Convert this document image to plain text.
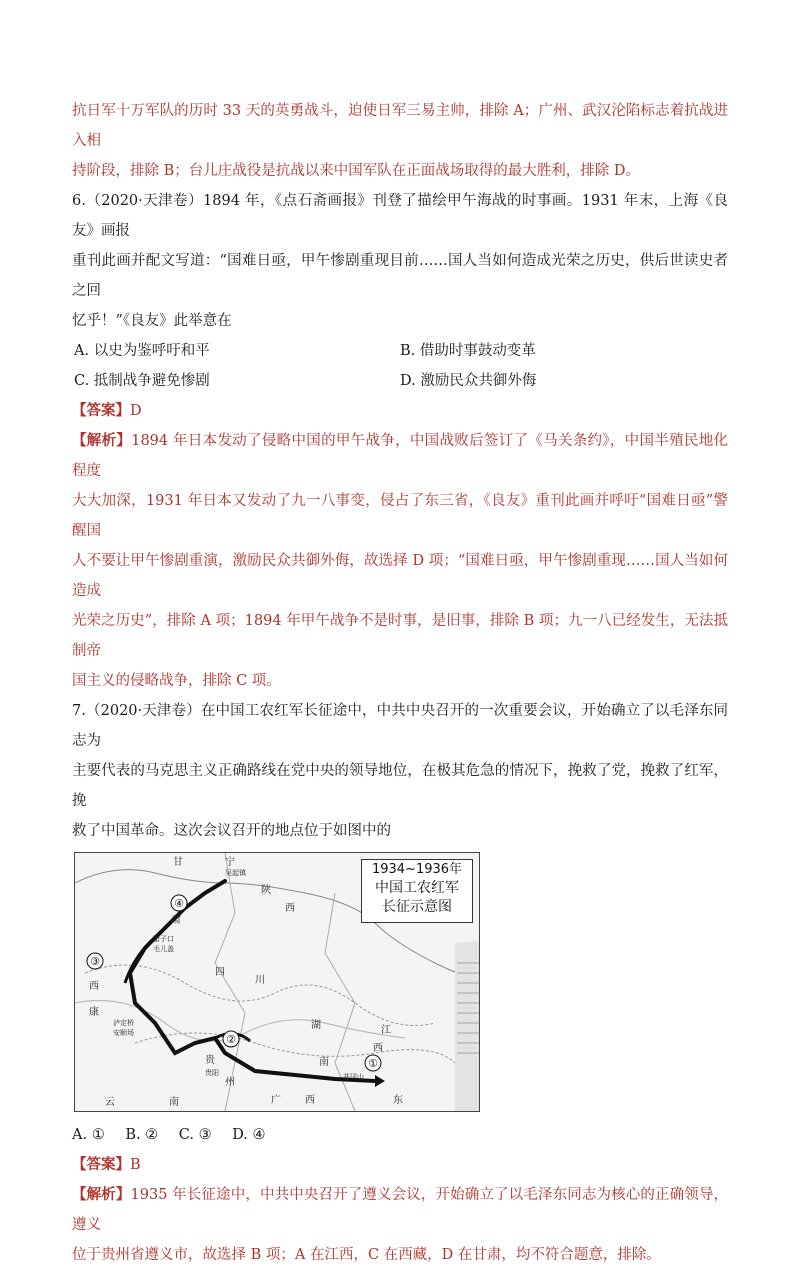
抗日军十万军队的历时 33 天的英勇战斗，迫使日军三易主帅，排除 A；广州、武汉沦陷标志着抗战进入相

持阶段，排除 B；台儿庄战役是抗战以来中国军队在正面战场取得的最大胜利，排除 D。

6.（2020·天津卷）1894 年，《点石斋画报》刊登了描绘甲午海战的时事画。1931 年末，上海《良友》画报

重刊此画并配文写道：“国难日亟，甲午惨剧重现目前……国人当如何造成光荣之历史，供后世读史者之回

忆乎！”《良友》此举意在

A. 以史为鉴呼吁和平	B. 借助时事鼓动变革
C. 抵制战争避免惨剧	D. 激励民众共御外侮

【答案】D

【解析】1894 年日本发动了侵略中国的甲午战争，中国战败后签订了《马关条约》，中国半殖民地化程度

大大加深，1931 年日本又发动了九一八事变，侵占了东三省，《良友》重刊此画并呼吁“国难日亟”警醒国

人不要让甲午惨剧重演，激励民众共御外侮，故选择 D 项；“国难日亟，甲午惨剧重现……国人当如何造成

光荣之历史”，排除 A 项；1894 年甲午战争不是时事，是旧事，排除 B 项；九一八已经发生，无法抵制帝

国主义的侵略战争，排除 C 项。

7.（2020·天津卷）在中国工农红军长征途中，中共中央召开的一次重要会议，开始确立了以毛泽东同志为

主要代表的马克思主义正确路线在党中央的领导地位，在极其危急的情况下，挽救了党，挽救了红军，挽

救了中国革命。这次会议召开的地点位于如图中的

①
②
③
④
甘	宁
肃
陕
西
四
川
西
康
贵
州
云	南	广 西
湖
南
江
西
东
腊子口
泸定桥
安顺场
贵阳	井冈山
吴起镇
毛儿盖
1934~1936年
中国工农红军
长征示意图
A. ① B. ② C. ③ D. ④

【答案】B

【解析】1935 年长征途中，中共中央召开了遵义会议，开始确立了以毛泽东同志为核心的正确领导，遵义

位于贵州省遵义市，故选择 B 项；A 在江西，C 在西藏，D 在甘肃，均不符合题意，排除。
